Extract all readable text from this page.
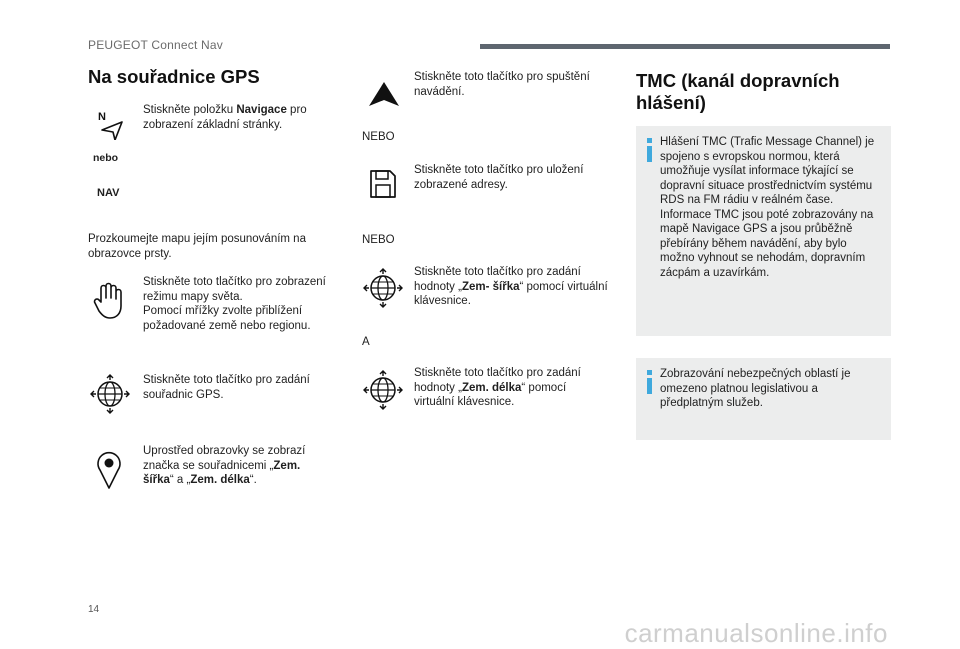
PEUGEOT Connect Nav
Na souřadnice GPS
N
nebo
NAV
Stiskněte položku Navigace pro zobrazení základní stránky.
Prozkoumejte mapu jejím posunováním na obrazovce prsty.
Stiskněte toto tlačítko pro zobrazení režimu mapy světa.
Pomocí mřížky zvolte přiblížení požadované země nebo regionu.
Stiskněte toto tlačítko pro zadání souřadnic GPS.
Uprostřed obrazovky se zobrazí značka se souřadnicemi „Zem. šířka“ a „Zem. délka“.
Stiskněte toto tlačítko pro spuštění navádění.
NEBO
Stiskněte toto tlačítko pro uložení zobrazené adresy.
NEBO
Stiskněte toto tlačítko pro zadání hodnoty „Zem- šířka“ pomocí virtuální klávesnice.
A
Stiskněte toto tlačítko pro zadání hodnoty „Zem. délka“ pomocí virtuální klávesnice.
TMC (kanál dopravních hlášení)
Hlášení TMC (Trafic Message Channel) je spojeno s evropskou normou, která umožňuje vysílat informace týkající se dopravní situace prostřednictvím systému RDS na FM rádiu v reálném čase. Informace TMC jsou poté zobrazovány na mapě Navigace GPS a jsou průběžně přebírány během navádění, aby bylo možno vyhnout se nehodám, dopravním zácpám a uzavírkám.
Zobrazování nebezpečných oblastí je omezeno platnou legislativou a předplatným služeb.
14
carmanualsonline.info
